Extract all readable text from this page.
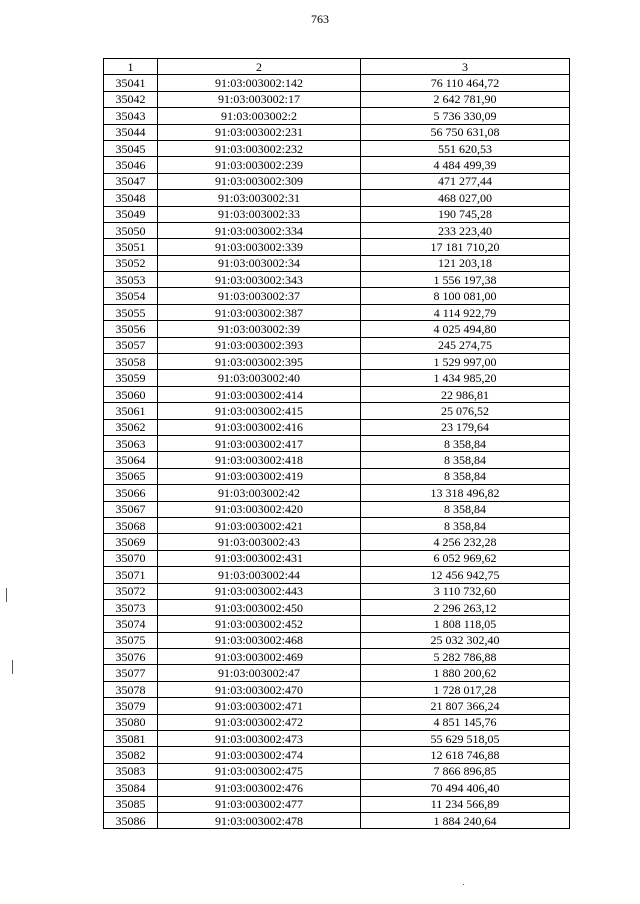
763
1	2	3
35041	91:03:003002:142	76 110 464,72
35042	91:03:003002:17	2 642 781,90
35043	91:03:003002:2	5 736 330,09
35044	91:03:003002:231	56 750 631,08
35045	91:03:003002:232	551 620,53
35046	91:03:003002:239	4 484 499,39
35047	91:03:003002:309	471 277,44
35048	91:03:003002:31	468 027,00
35049	91:03:003002:33	190 745,28
35050	91:03:003002:334	233 223,40
35051	91:03:003002:339	17 181 710,20
35052	91:03:003002:34	121 203,18
35053	91:03:003002:343	1 556 197,38
35054	91:03:003002:37	8 100 081,00
35055	91:03:003002:387	4 114 922,79
35056	91:03:003002:39	4 025 494,80
35057	91:03:003002:393	245 274,75
35058	91:03:003002:395	1 529 997,00
35059	91:03:003002:40	1 434 985,20
35060	91:03:003002:414	22 986,81
35061	91:03:003002:415	25 076,52
35062	91:03:003002:416	23 179,64
35063	91:03:003002:417	8 358,84
35064	91:03:003002:418	8 358,84
35065	91:03:003002:419	8 358,84
35066	91:03:003002:42	13 318 496,82
35067	91:03:003002:420	8 358,84
35068	91:03:003002:421	8 358,84
35069	91:03:003002:43	4 256 232,28
35070	91:03:003002:431	6 052 969,62
35071	91:03:003002:44	12 456 942,75
35072	91:03:003002:443	3 110 732,60
35073	91:03:003002:450	2 296 263,12
35074	91:03:003002:452	1 808 118,05
35075	91:03:003002:468	25 032 302,40
35076	91:03:003002:469	5 282 786,88
35077	91:03:003002:47	1 880 200,62
35078	91:03:003002:470	1 728 017,28
35079	91:03:003002:471	21 807 366,24
35080	91:03:003002:472	4 851 145,76
35081	91:03:003002:473	55 629 518,05
35082	91:03:003002:474	12 618 746,88
35083	91:03:003002:475	7 866 896,85
35084	91:03:003002:476	70 494 406,40
35085	91:03:003002:477	11 234 566,89
35086	91:03:003002:478	1 884 240,64
